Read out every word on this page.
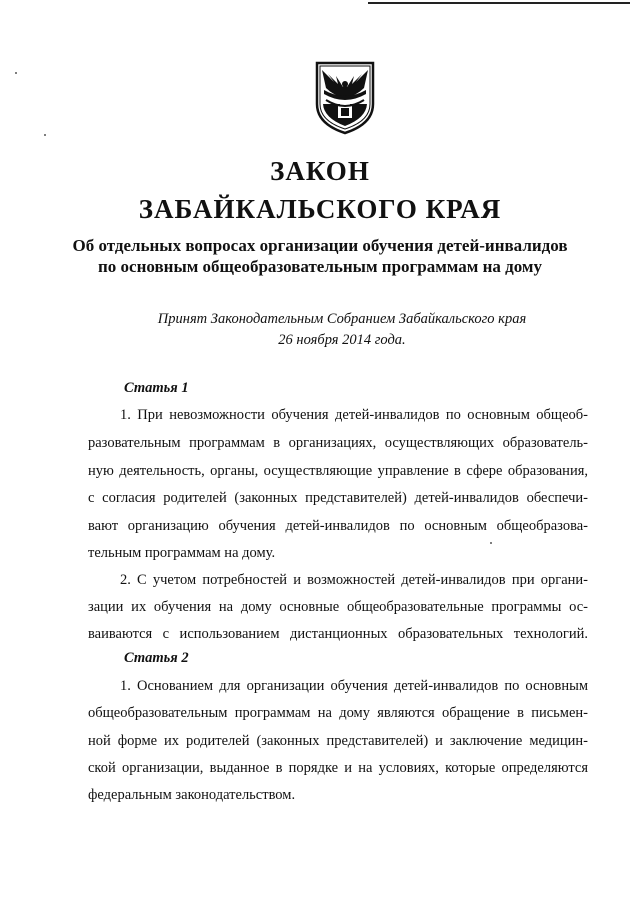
ЗАКОН
ЗАБАЙКАЛЬСКОГО КРАЯ
Об отдельных вопросах организации обучения детей-инвалидов
по основным общеобразовательным программам на дому
Принят Законодательным Собранием Забайкальского края
26 ноября 2014 года.
Статья 1
1. При невозможности обучения детей-инвалидов по основным общеоб-
разовательным программам в организациях, осуществляющих образователь-
ную деятельность, органы, осуществляющие управление в сфере образования,
с согласия родителей (законных представителей) детей-инвалидов обеспечи-
вают организацию обучения детей-инвалидов по основным общеобразова-
тельным программам на дому.
2. С учетом потребностей и возможностей детей-инвалидов при органи-
зации их обучения на дому основные общеобразовательные программы ос-
ваиваются с использованием дистанционных образовательных технологий.
Статья 2
1. Основанием для организации обучения детей-инвалидов по основным
общеобразовательным программам на дому являются обращение в письмен-
ной форме их родителей (законных представителей) и заключение медицин-
ской организации, выданное в порядке и на условиях, которые определяются
федеральным законодательством.
